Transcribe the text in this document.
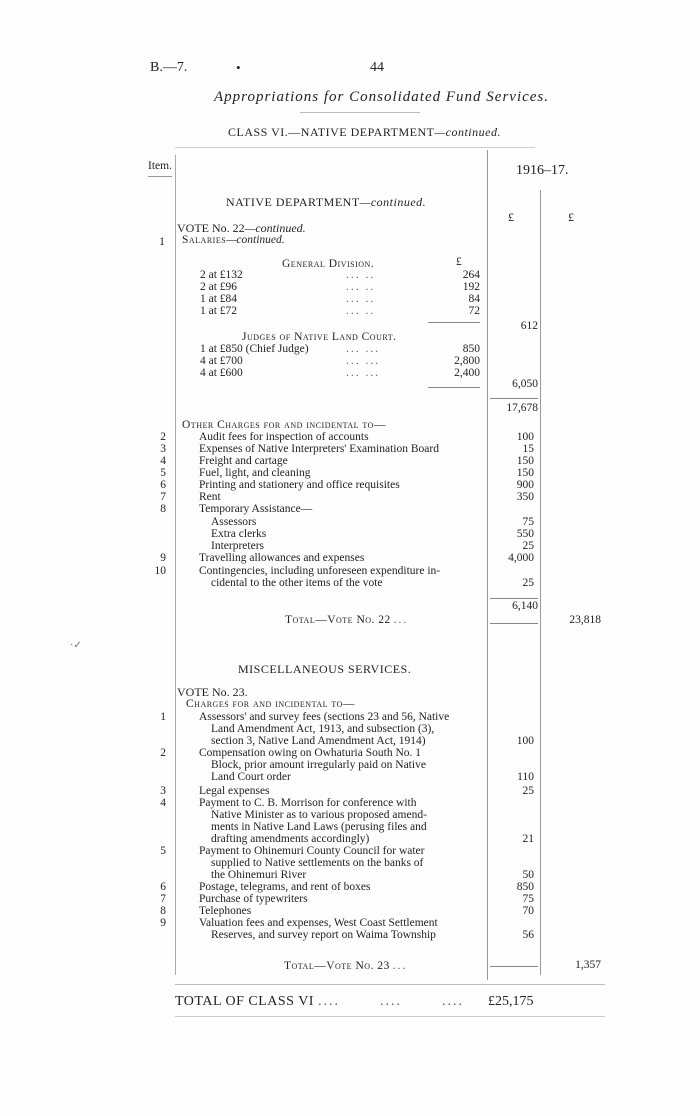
B.—7.	•	44
Appropriations for Consolidated Fund Services.
CLASS VI.—NATIVE DEPARTMENT—continued.
Item.	1916–17.
£	£
NATIVE DEPARTMENT—continued.
VOTE No. 22—continued.
1 Salaries—continued.
General Division.	£
2 at £132	... ..	264
2 at £96	... ..	192
1 at £84	... ..	84
1 at £72	... ..	72
612
Judges of Native Land Court.
1 at £850 (Chief Judge)	... ...	850
4 at £700	... ...	2,800
4 at £600	... ...	2,400
6,050
17,678
Other Charges for and incidental to—
2	Audit fees for inspection of accounts	100
3	Expenses of Native Interpreters' Examination Board	15
4	Freight and cartage	150
5	Fuel, light, and cleaning	150
6	Printing and stationery and office requisites	900
7	Rent	350
8	Temporary Assistance—
Assessors	75
Extra clerks	550
Interpreters	25
9	Travelling allowances and expenses	4,000
10	Contingencies, including unforeseen expenditure in-
cidental to the other items of the vote	25
6,140
Total—Vote No. 22 ...	23,818
·✓
MISCELLANEOUS SERVICES.
VOTE No. 23.
Charges for and incidental to—
1	Assessors' and survey fees (sections 23 and 56, Native
Land Amendment Act, 1913, and subsection (3),
section 3, Native Land Amendment Act, 1914)	100
2	Compensation owing on Owhaturia South No. 1
Block, prior amount irregularly paid on Native
Land Court order	110
3	Legal expenses	25
4	Payment to C. B. Morrison for conference with
Native Minister as to various proposed amend-
ments in Native Land Laws (perusing files and
drafting amendments accordingly)	21
5	Payment to Ohinemuri County Council for water
supplied to Native settlements on the banks of
the Ohinemuri River	50
6	Postage, telegrams, and rent of boxes	850
7	Purchase of typewriters	75
8	Telephones	70
9	Valuation fees and expenses, West Coast Settlement
Reserves, and survey report on Waima Township	56
Total—Vote No. 23 ...	1,357
TOTAL OF CLASS VI ....	....	.... £25,175
